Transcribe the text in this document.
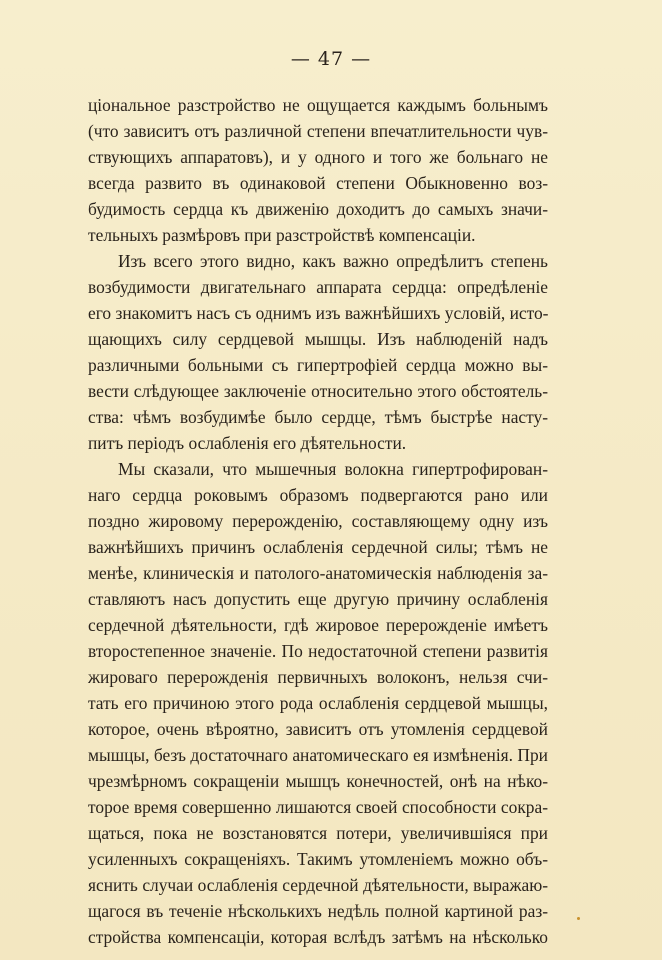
— 47 —
ціональное разстройство не ощущается каждымъ больнымъ
(что зависитъ отъ различной степени впечатлительности чув-
ствующихъ аппаратовъ), и у одного и того же больнаго не
всегда развито въ одинаковой степени Обыкновенно воз-
будимость сердца къ движенію доходитъ до самыхъ значи-
тельныхъ размѣровъ при разстройствѣ компенсаціи.
Изъ всего этого видно, какъ важно опредѣлитъ степень
возбудимости двигательнаго аппарата сердца: опредѣленіе
его знакомитъ насъ съ однимъ изъ важнѣйшихъ условій, исто-
щающихъ силу сердцевой мышцы. Изъ наблюденій надъ
различными больными съ гипертрофіей сердца можно вы-
вести слѣдующее заключеніе относительно этого обстоятель-
ства: чѣмъ возбудимѣе было сердце, тѣмъ быстрѣе насту-
питъ періодъ ослабленія его дѣятельности.
Мы сказали, что мышечныя волокна гипертрофирован-
наго сердца роковымъ образомъ подвергаются рано или
поздно жировому перерожденію, составляющему одну изъ
важнѣйшихъ причинъ ослабленія сердечной силы; тѣмъ не
менѣе, клиническія и патолого-анатомическія наблюденія за-
ставляютъ насъ допустить еще другую причину ослабленія
сердечной дѣятельности, гдѣ жировое перерожденіе имѣетъ
второстепенное значеніе. По недостаточной степени развитія
жироваго перерожденія первичныхъ волоконъ, нельзя счи-
тать его причиною этого рода ослабленія сердцевой мышцы,
которое, очень вѣроятно, зависитъ отъ утомленія сердцевой
мышцы, безъ достаточнаго анатомическаго ея измѣненія. При
чрезмѣрномъ сокращеніи мышцъ конечностей, онѣ на нѣко-
торое время совершенно лишаются своей способности сокра-
щаться, пока не возстановятся потери, увеличившіяся при
усиленныхъ сокращеніяхъ. Такимъ утомленіемъ можно объ-
яснить случаи ослабленія сердечной дѣятельности, выражаю-
щагося въ теченіе нѣсколькихъ недѣль полной картиной раз-
стройства компенсаціи, которая вслѣдъ затѣмъ на нѣсколько
